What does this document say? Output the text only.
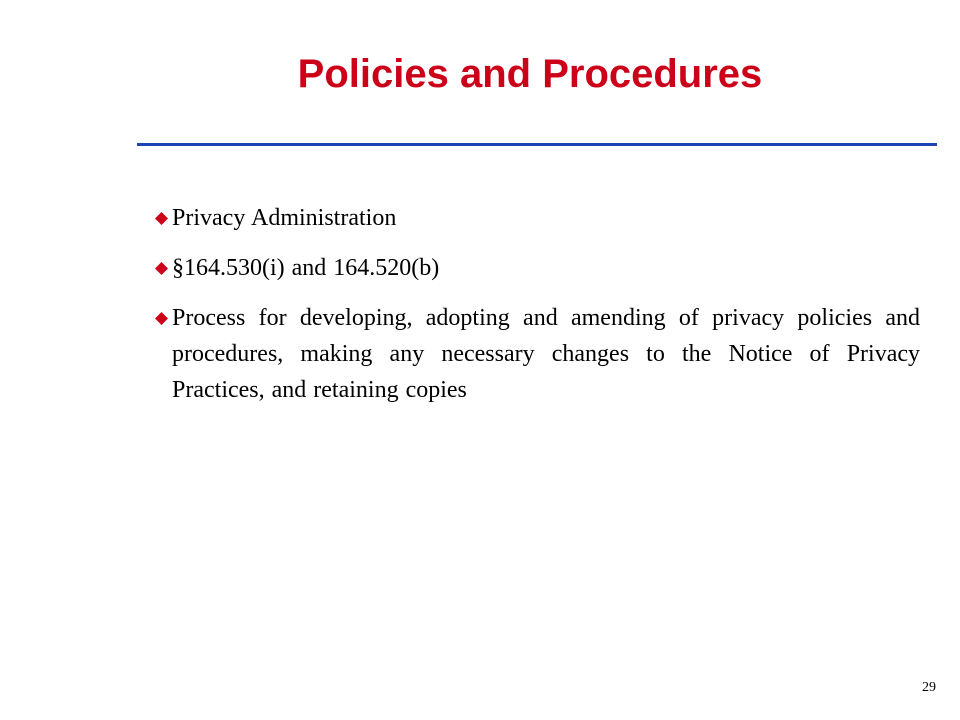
Policies and Procedures
Privacy Administration
§164.530(i) and 164.520(b)
Process for developing, adopting and amending of privacy policies and procedures, making any necessary changes to the Notice of Privacy Practices, and retaining copies
29
